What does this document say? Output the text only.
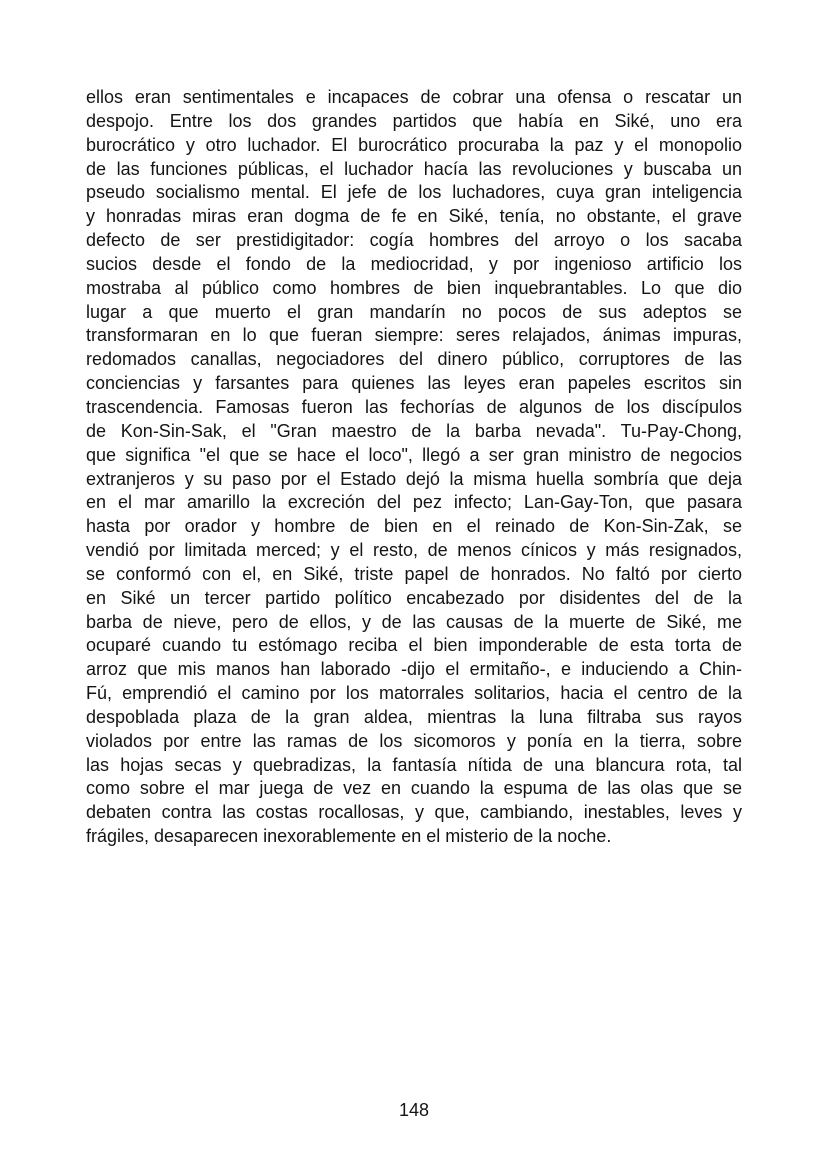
ellos eran sentimentales e incapaces de cobrar una ofensa o rescatar un
despojo. Entre los dos grandes partidos que había en Siké, uno era
burocrático y otro luchador. El burocrático procuraba la paz y el monopolio
de las funciones públicas, el luchador hacía las revoluciones y buscaba un
pseudo socialismo mental. El jefe de los luchadores, cuya gran inteligencia
y honradas miras eran dogma de fe en Siké, tenía, no obstante, el grave
defecto de ser prestidigitador: cogía hombres del arroyo o los sacaba
sucios desde el fondo de la mediocridad, y por ingenioso artificio los
mostraba al público como hombres de bien inquebrantables. Lo que dio
lugar a que muerto el gran mandarín no pocos de sus adeptos se
transformaran en lo que fueran siempre: seres relajados, ánimas impuras,
redomados canallas, negociadores del dinero público, corruptores de las
conciencias y farsantes para quienes las leyes eran papeles escritos sin
trascendencia. Famosas fueron las fechorías de algunos de los discípulos
de Kon-Sin-Sak, el "Gran maestro de la barba nevada". Tu-Pay-Chong,
que significa "el que se hace el loco", llegó a ser gran ministro de negocios
extranjeros y su paso por el Estado dejó la misma huella sombría que deja
en el mar amarillo la excreción del pez infecto; Lan-Gay-Ton, que pasara
hasta por orador y hombre de bien en el reinado de Kon-Sin-Zak, se
vendió por limitada merced; y el resto, de menos cínicos y más resignados,
se conformó con el, en Siké, triste papel de honrados. No faltó por cierto
en Siké un tercer partido político encabezado por disidentes del de la
barba de nieve, pero de ellos, y de las causas de la muerte de Siké, me
ocuparé cuando tu estómago reciba el bien imponderable de esta torta de
arroz que mis manos han laborado -dijo el ermitaño-, e induciendo a Chin-
Fú, emprendió el camino por los matorrales solitarios, hacia el centro de la
despoblada plaza de la gran aldea, mientras la luna filtraba sus rayos
violados por entre las ramas de los sicomoros y ponía en la tierra, sobre
las hojas secas y quebradizas, la fantasía nítida de una blancura rota, tal
como sobre el mar juega de vez en cuando la espuma de las olas que se
debaten contra las costas rocallosas, y que, cambiando, inestables, leves y
frágiles, desaparecen inexorablemente en el misterio de la noche.
148
